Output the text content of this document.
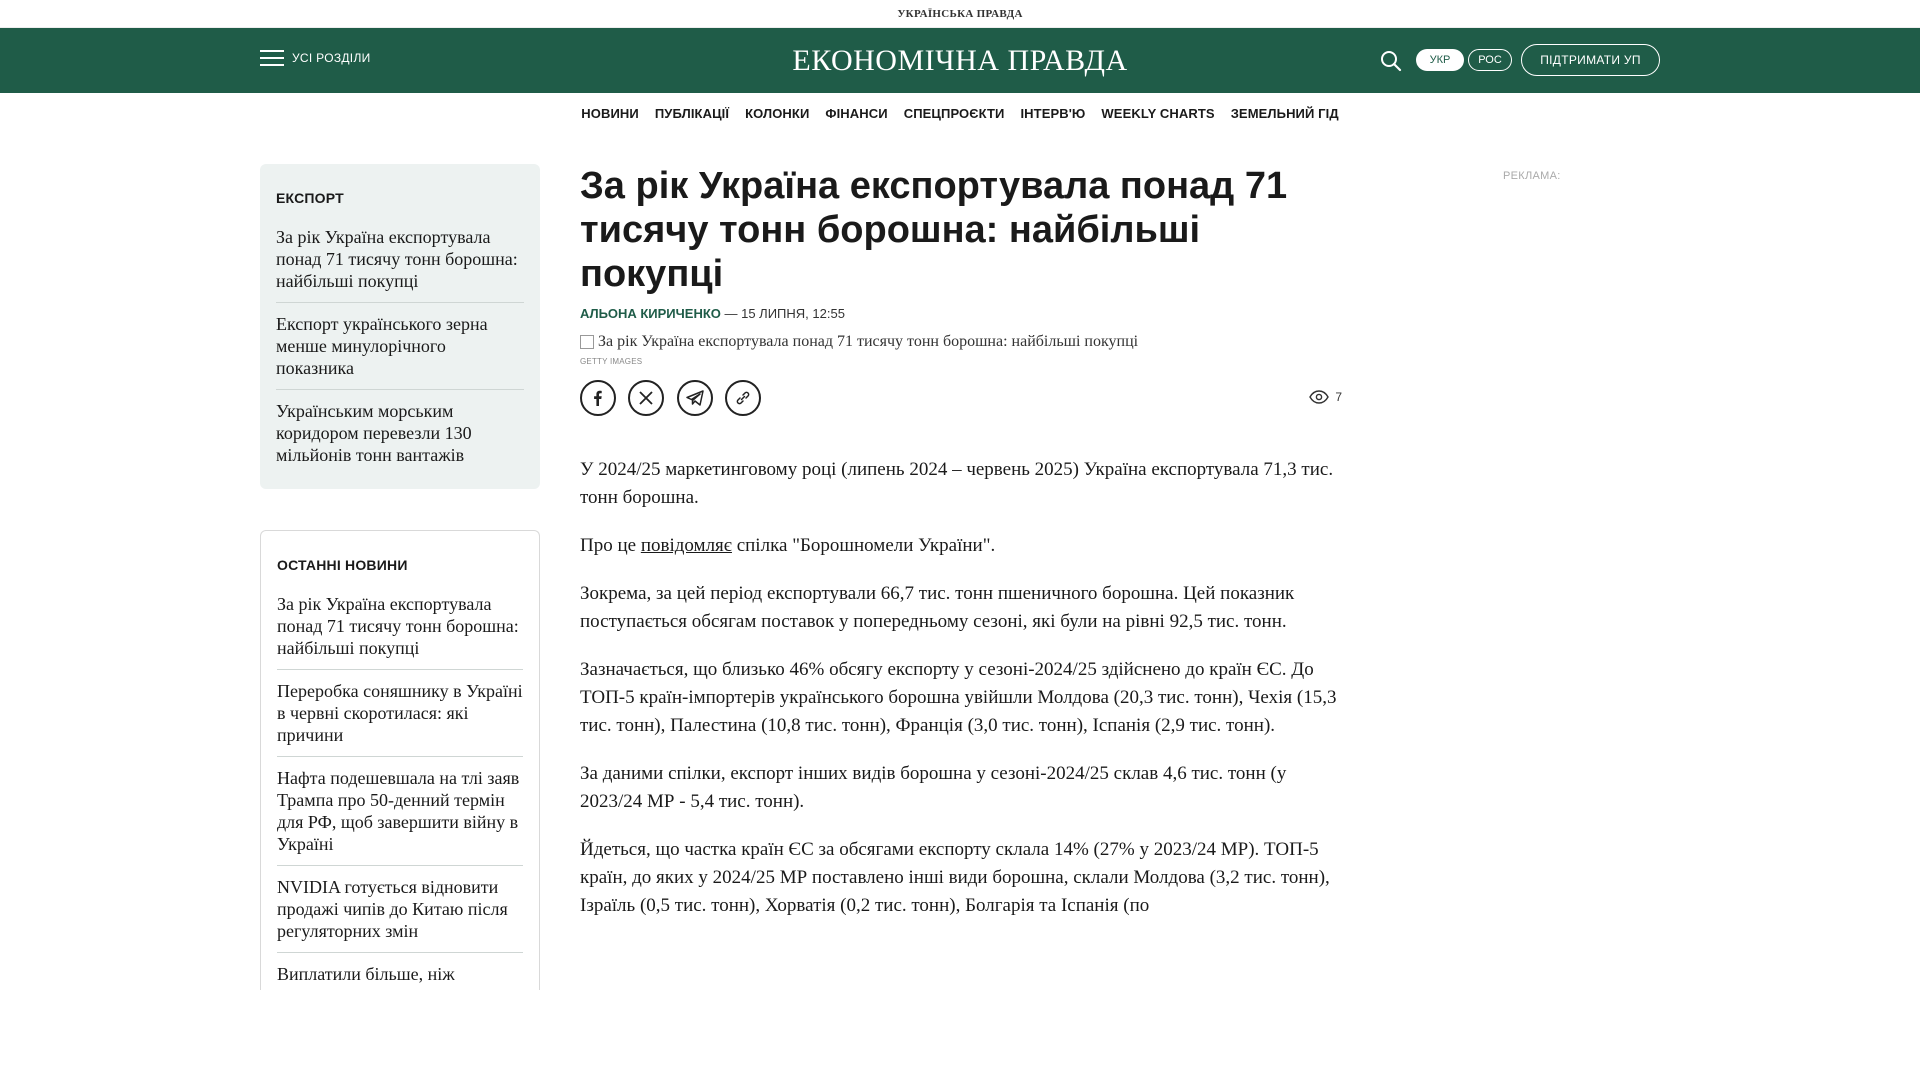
УКРАЇНСЬКА ПРАВДА
УСІ РОЗДІЛИ	ЕКОНОМІЧНА ПРАВДА	УКР	РОС	ПІДТРИМАТИ УП
НОВИНИ ПУБЛІКАЦІЇ КОЛОНКИ ФІНАНСИ СПЕЦПРОЄКТИ ІНТЕРВ'Ю WEEKLY CHARTS ЗЕМЕЛЬНИЙ ГІД
ЕКСПОРТ
За рік Україна експортувала понад 71 тисячу тонн борошна: найбільші покупці
Експорт українського зерна менше минулорічного показника
Українським морським коридором перевезли 130 мільйонів тонн вантажів
ОСТАННІ НОВИНИ
За рік Україна експортувала понад 71 тисячу тонн борошна: найбільші покупці
Переробка соняшнику в Україні в червні скоротилася: які причини
Нафта подешевшала на тлі заяв Трампа про 50-денний термін для РФ, щоб завершити війну в Україні
NVIDIA готується відновити продажі чипів до Китаю після регуляторних змін
Виплатили більше, ніж
За рік Україна експортувала понад 71 тисячу тонн борошна: найбільші покупці
АЛЬОНА КИРИЧЕНКО — 15 ЛИПНЯ, 12:55
За рік Україна експортувала понад 71 тисячу тонн борошна: найбільші покупці
GETTY IMAGES

7

У 2024/25 маркетинговому році (липень 2024 – червень 2025) Україна експортувала 71,3 тис. тонн борошна.

Про це повідомляє спілка "Борошномели України".

Зокрема, за цей період експортували 66,7 тис. тонн пшеничного борошна. Цей показник поступається обсягам поставок у попередньому сезоні, які були на рівні 92,5 тис. тонн.

Зазначається, що близько 46% обсягу експорту у сезоні-2024/25 здійснено до країн ЄС. До ТОП-5 країн-імпортерів українського борошна увійшли Молдова (20,3 тис. тонн), Чехія (15,3 тис. тонн), Палестина (10,8 тис. тонн), Франція (3,0 тис. тонн), Іспанія (2,9 тис. тонн).

За даними спілки, експорт інших видів борошна у сезоні-2024/25 склав 4,6 тис. тонн (у 2023/24 МР - 5,4 тис. тонн).

Йдеться, що частка країн ЄС за обсягами експорту склала 14% (27% у 2023/24 МР). ТОП-5 країн, до яких у 2024/25 МР поставлено інші види борошна, склали Молдова (3,2 тис. тонн), Ізраїль (0,5 тис. тонн), Хорватія (0,2 тис. тонн), Болгарія та Іспанія (по

РЕКЛАМА:
